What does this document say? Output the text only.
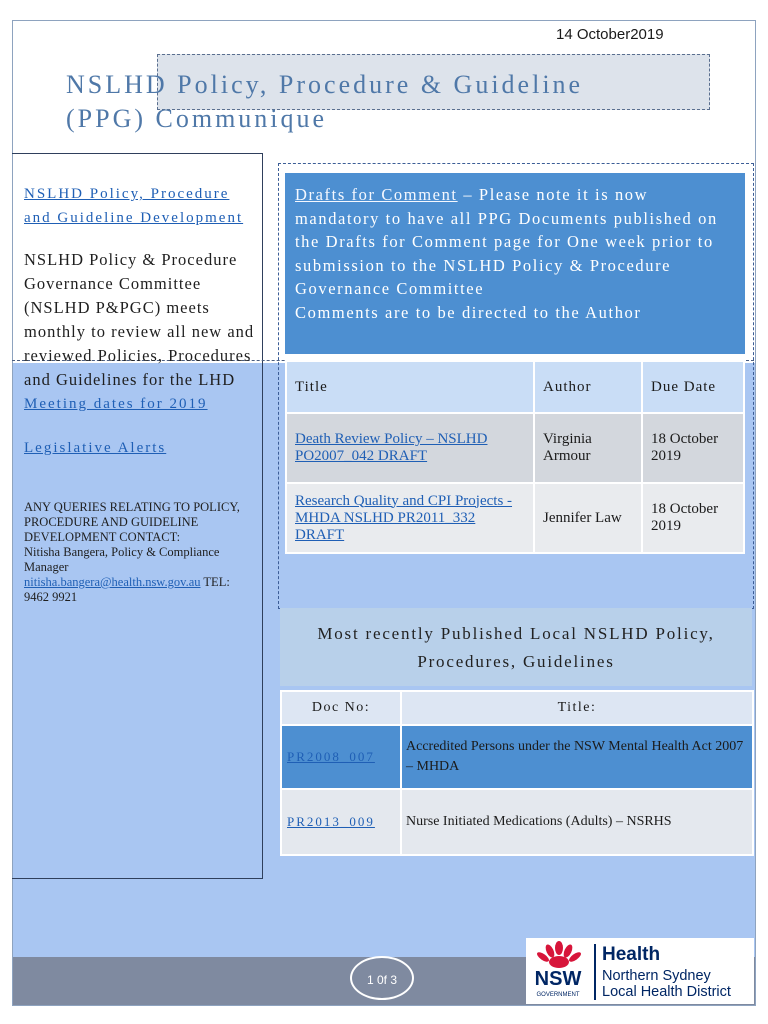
14 October2019
NSLHD Policy, Procedure & Guideline
(PPG) Communique
NSLHD Policy, Procedure and Guideline Development
NSLHD Policy & Procedure Governance Committee (NSLHD P&PGC) meets monthly to review all new and reviewed Policies, Procedures and Guidelines for the LHD
Meeting dates for 2019
Legislative Alerts
ANY QUERIES RELATING TO POLICY, PROCEDURE AND GUIDELINE DEVELOPMENT CONTACT:
Nitisha Bangera, Policy & Compliance Manager
nitisha.bangera@health.nsw.gov.au TEL: 9462 9921
Drafts for Comment – Please note it is now mandatory to have all PPG Documents published on the Drafts for Comment page for One week prior to submission to the NSLHD Policy & Procedure Governance Committee
Comments are to be directed to the Author
Title	Author	Due Date
Death Review Policy – NSLHD PO2007_042 DRAFT	Virginia Armour	18 October 2019
Research Quality and CPI Projects - MHDA NSLHD PR2011_332 DRAFT	Jennifer Law	18 October 2019
Most recently Published Local NSLHD Policy, Procedures, Guidelines
Doc No:	Title:
PR2008_007	Accredited Persons under the NSW Mental Health Act 2007 – MHDA
PR2013_009	Nurse Initiated Medications (Adults) – NSRHS
1 0f 3	NSW
GOVERNMENT
Health
Northern Sydney
Local Health District
